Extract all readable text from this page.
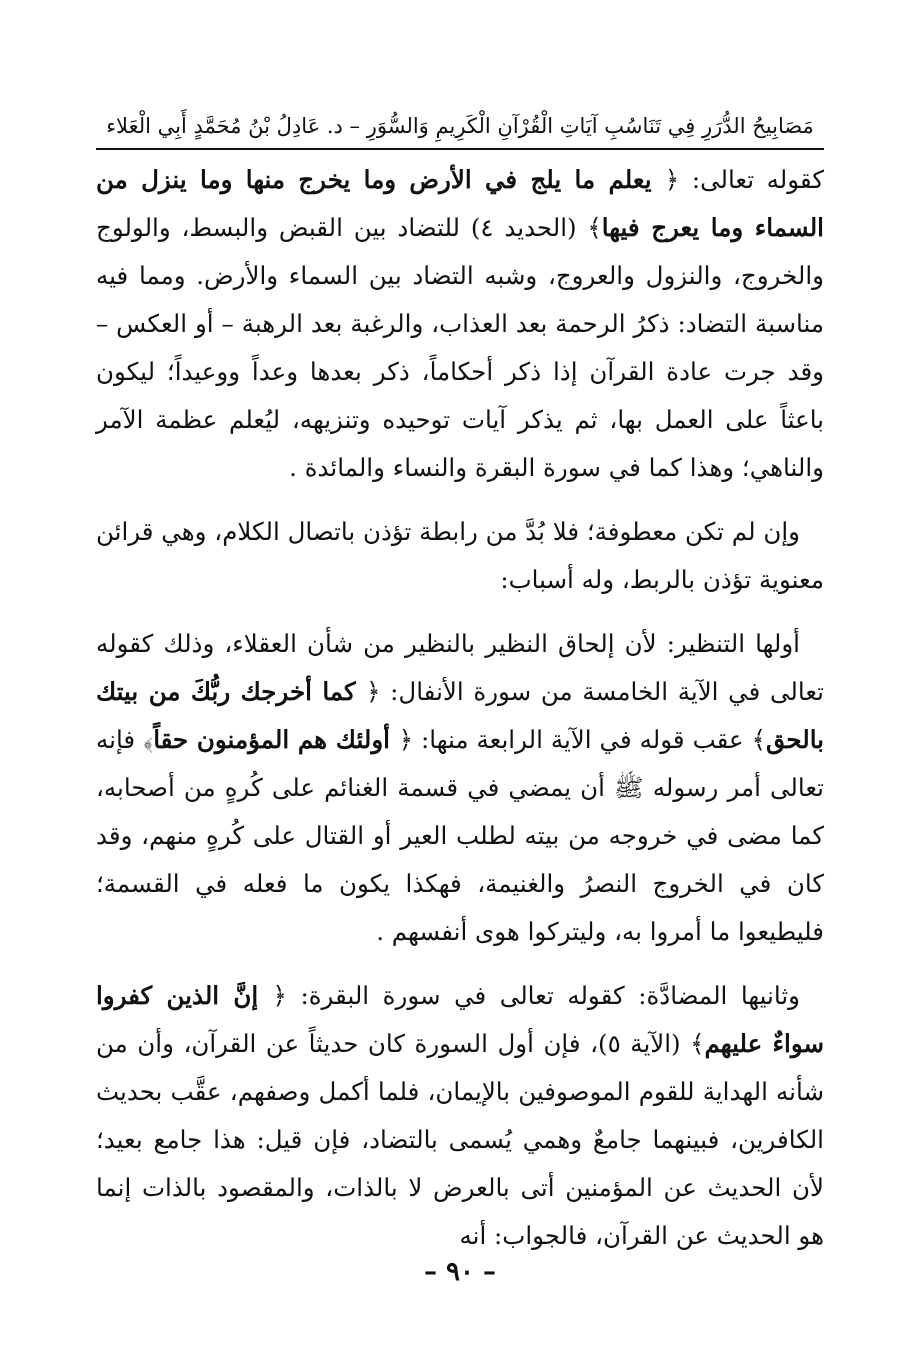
مَصَابِيحُ الدُّرَرِ فِي تَنَاسُبِ آيَاتِ الْقُرْآنِ الْكَرِيمِ وَالسُّوَرِ – د. عَادِلُ بْنُ مُحَمَّدٍ أَبِي الْعَلاء

كقوله تعالى: ﴿ يعلم ما يلج في الأرض وما يخرج منها وما ينزل من السماء وما يعرج فيها﴾ (الحديد ٤) للتضاد بين القبض والبسط، والولوج والخروج، والنزول والعروج، وشبه التضاد بين السماء والأرض. ومما فيه مناسبة التضاد: ذكرُ الرحمة بعد العذاب، والرغبة بعد الرهبة – أو العكس – وقد جرت عادة القرآن إذا ذكر أحكاماً، ذكر بعدها وعداً ووعيداً؛ ليكون باعثاً على العمل بها، ثم يذكر آيات توحيده وتنزيهه، ليُعلم عظمة الآمر والناهي؛ وهذا كما في سورة البقرة والنساء والمائدة .

وإن لم تكن معطوفة؛ فلا بُدَّ من رابطة تؤذن باتصال الكلام، وهي قرائن معنوية تؤذن بالربط، وله أسباب:

أولها التنظير: لأن إلحاق النظير بالنظير من شأن العقلاء، وذلك كقوله تعالى في الآية الخامسة من سورة الأنفال: ﴿ كما أخرجك ربُّكَ من بيتك بالحق﴾ عقب قوله في الآية الرابعة منها: ﴿ أولئك هم المؤمنون حقاً﴾ فإنه تعالى أمر رسوله ﷺ أن يمضي في قسمة الغنائم على كُرهٍ من أصحابه، كما مضى في خروجه من بيته لطلب العير أو القتال على كُرهٍ منهم، وقد كان في الخروج النصرُ والغنيمة، فهكذا يكون ما فعله في القسمة؛ فليطيعوا ما أمروا به، وليتركوا هوى أنفسهم .

وثانيها المضادَّة: كقوله تعالى في سورة البقرة: ﴿ إنَّ الذين كفروا سواءٌ عليهم﴾ (الآية ٥)، فإن أول السورة كان حديثاً عن القرآن، وأن من شأنه الهداية للقوم الموصوفين بالإيمان، فلما أكمل وصفهم، عقَّب بحديث الكافرين، فبينهما جامعٌ وهمي يُسمى بالتضاد، فإن قيل: هذا جامع بعيد؛ لأن الحديث عن المؤمنين أتى بالعرض لا بالذات، والمقصود بالذات إنما هو الحديث عن القرآن، فالجواب: أنه

– ٩٠ –
